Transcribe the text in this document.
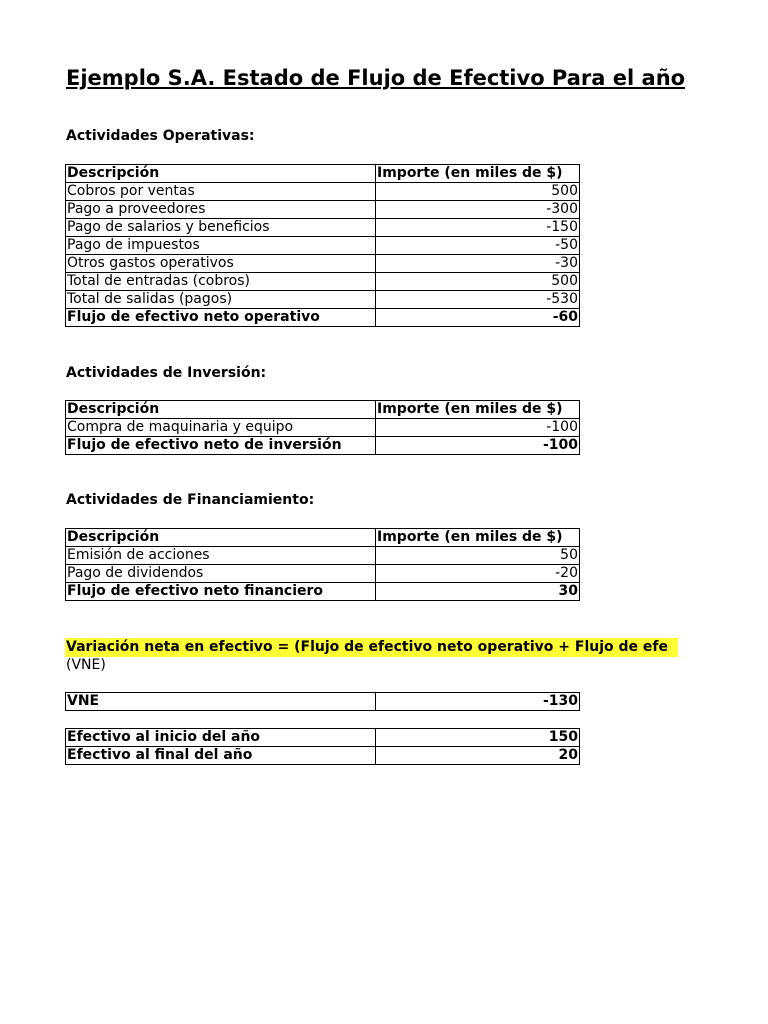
Ejemplo S.A. Estado de Flujo de Efectivo Para el año
Actividades Operativas:
Descripción	Importe (en miles de $)
Cobros por ventas	500
Pago a proveedores	-300
Pago de salarios y beneficios	-150
Pago de impuestos	-50
Otros gastos operativos	-30
Total de entradas (cobros)	500
Total de salidas (pagos)	-530
Flujo de efectivo neto operativo	-60
Actividades de Inversión:
Descripción	Importe (en miles de $)
Compra de maquinaria y equipo	-100
Flujo de efectivo neto de inversión	-100
Actividades de Financiamiento:
Descripción	Importe (en miles de $)
Emisión de acciones	50
Pago de dividendos	-20
Flujo de efectivo neto financiero	30
Variación neta en efectivo = (Flujo de efectivo neto operativo + Flujo de efe
(VNE)
VNE	-130
Efectivo al inicio del año	150
Efectivo al final del año	20
